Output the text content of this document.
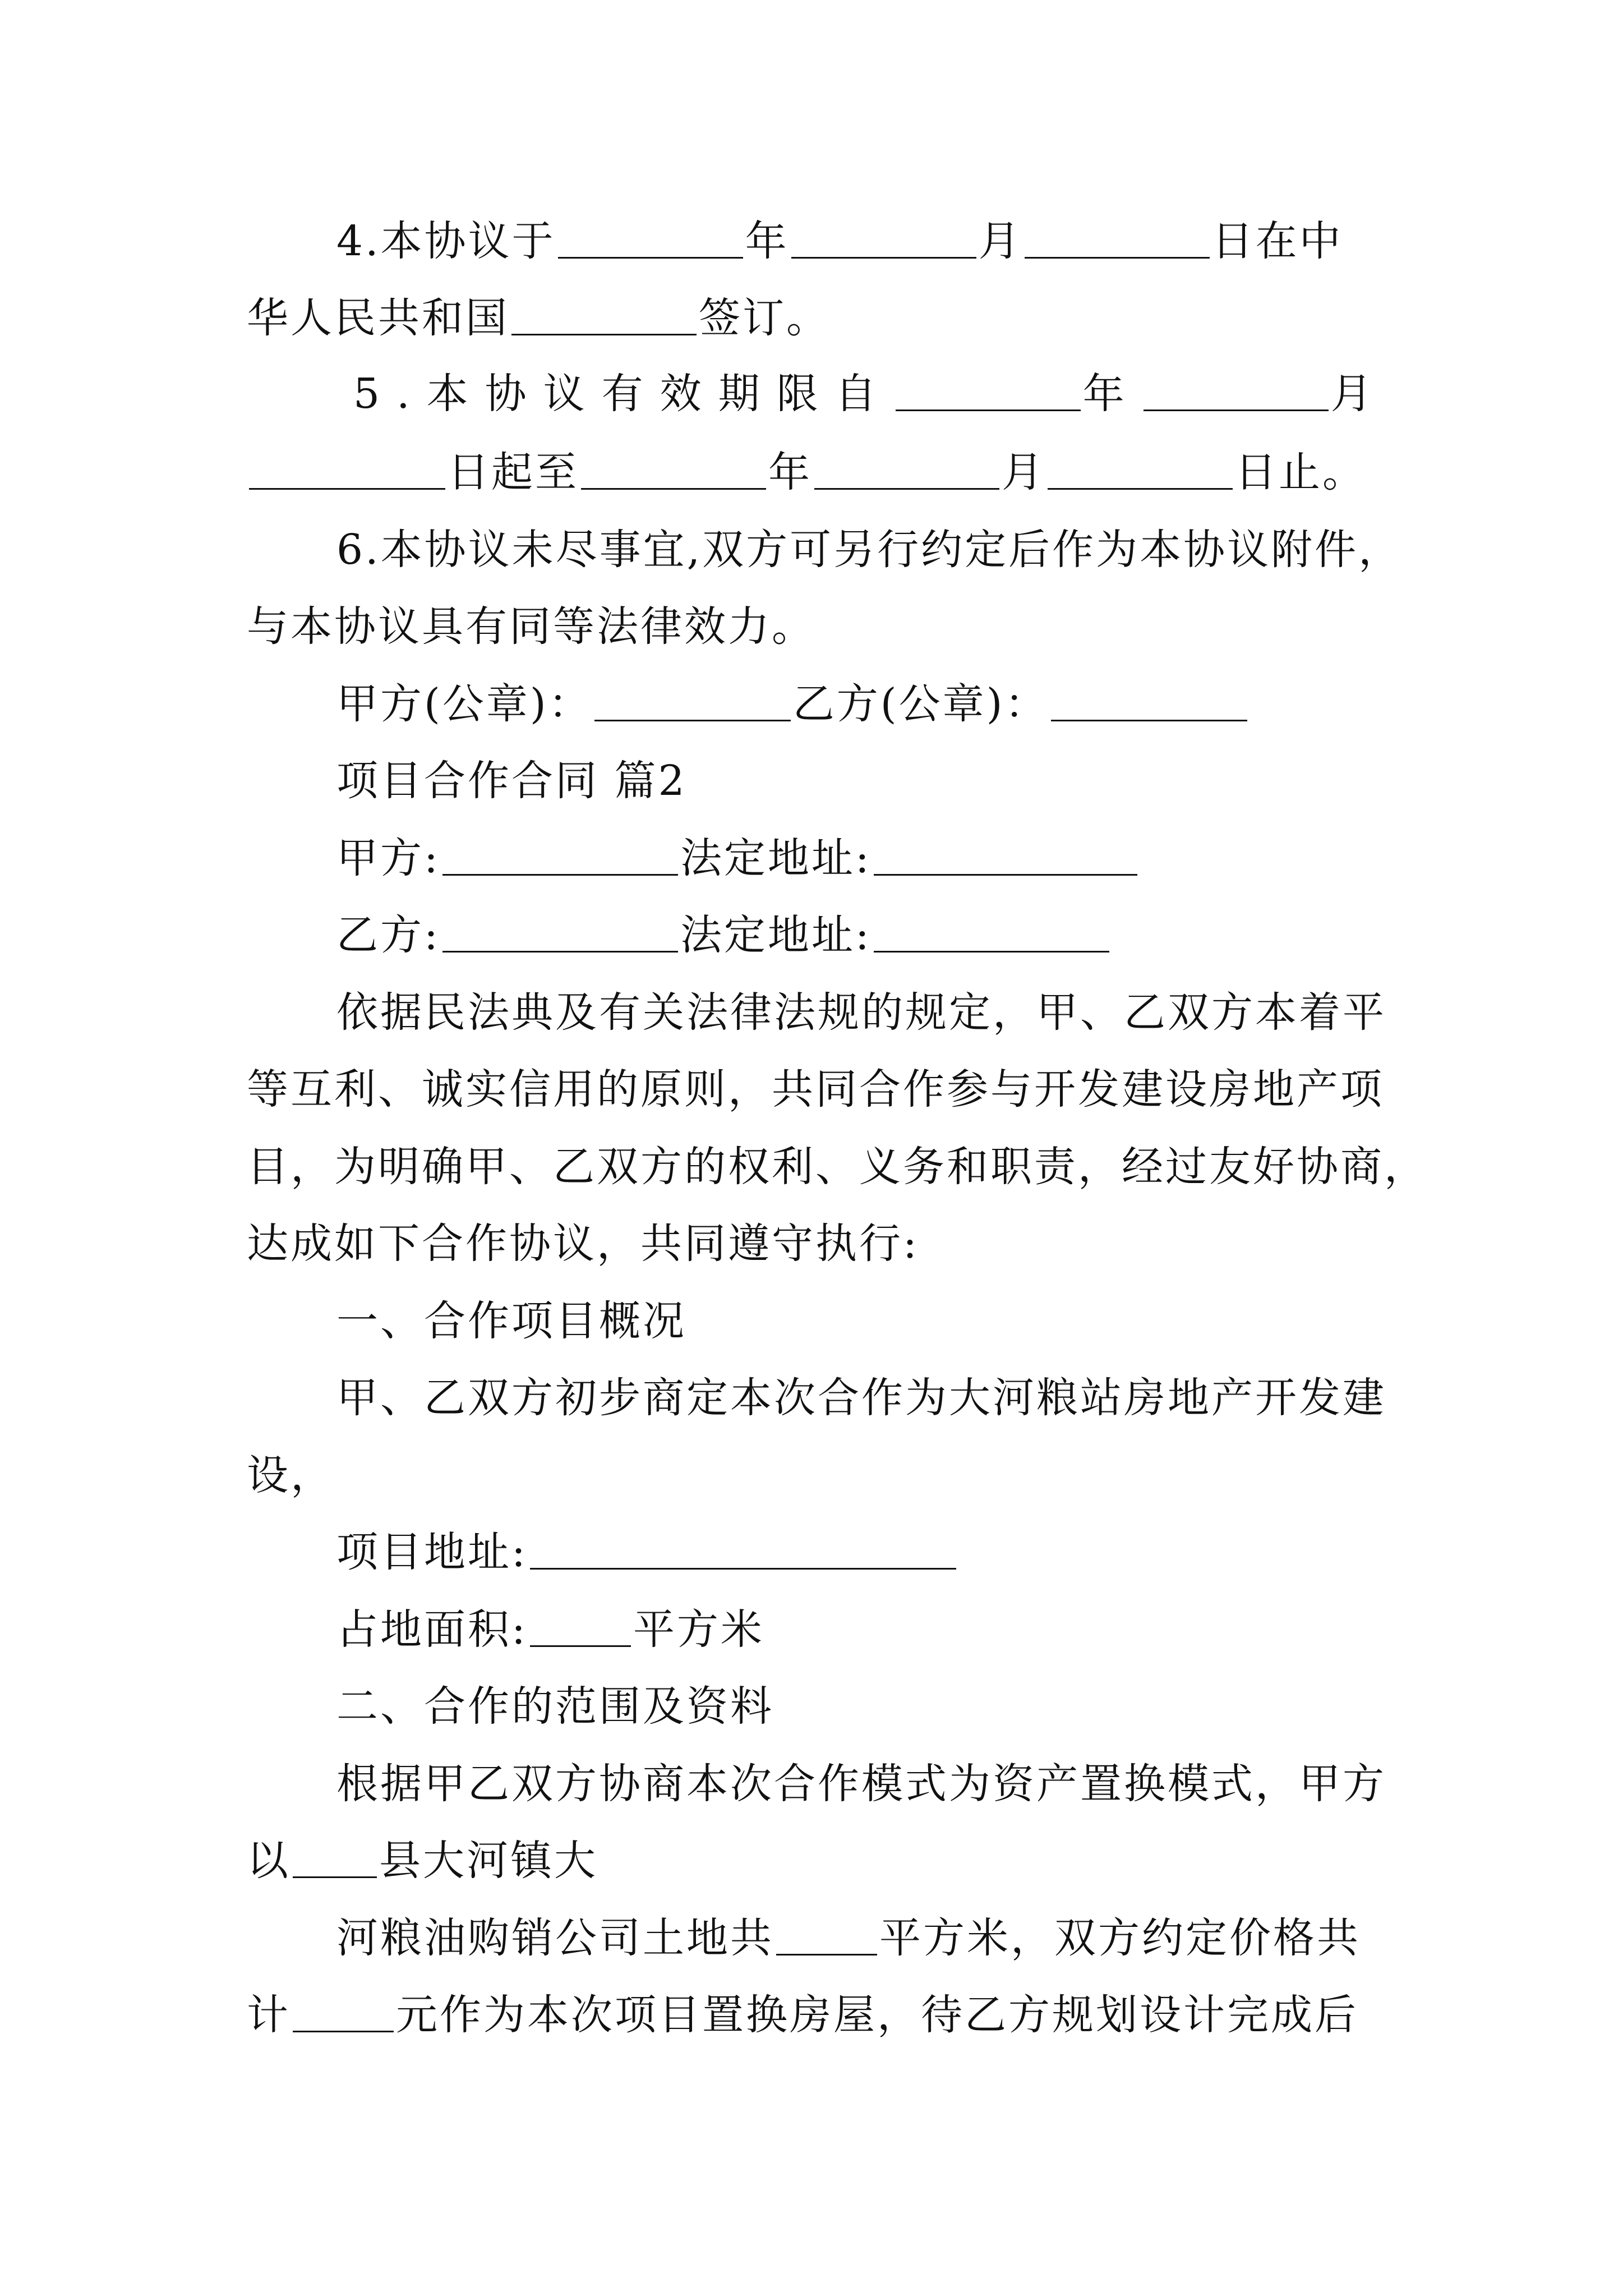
4.本协议于	年	月	日在中
华人民共和国	签订。
5.本协议有效期限自	年	月
日起至	年	月	日止。
6.本协议未尽事宜,双方可另行约定后作为本协议附件，
与本协议具有同等法律效力。
甲方(公章)：	乙方(公章)：
项目合作合同 篇2
甲方:	法定地址:
乙方:	法定地址:
依据民法典及有关法律法规的规定，甲、乙双方本着平
等互利、诚实信用的原则，共同合作参与开发建设房地产项
目，为明确甲、乙双方的权利、义务和职责，经过友好协商，
达成如下合作协议，共同遵守执行:
一、合作项目概况
甲、乙双方初步商定本次合作为大河粮站房地产开发建
设，
项目地址:
占地面积:	平方米
二、合作的范围及资料
根据甲乙双方协商本次合作模式为资产置换模式，甲方
以 县大河镇大
河粮油购销公司土地共	平方米，双方约定价格共
计	元作为本次项目置换房屋，待乙方规划设计完成后
